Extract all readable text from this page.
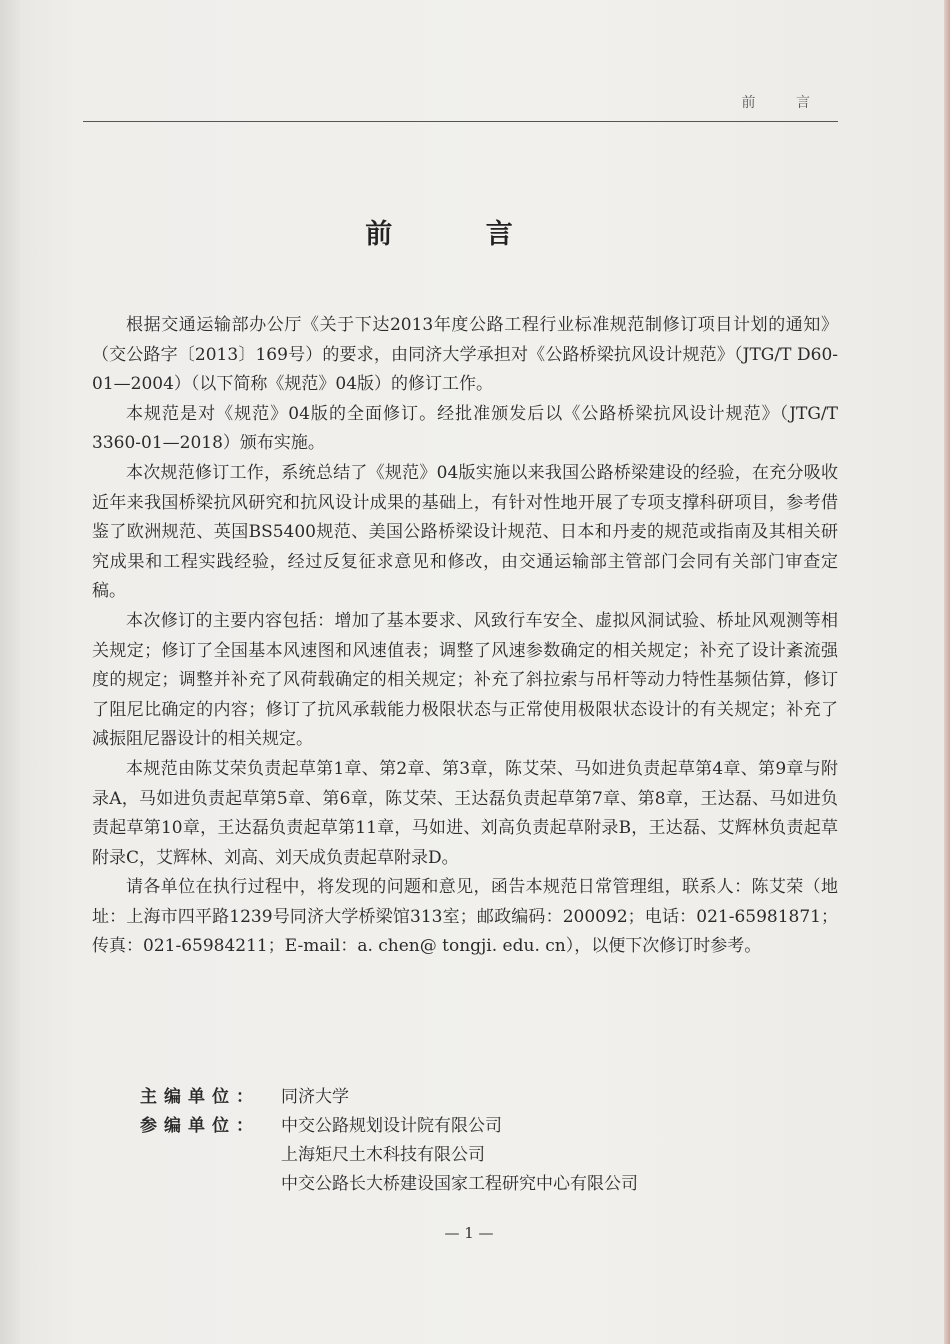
前 言
前 言

根据交通运输部办公厅《关于下达2013年度公路工程行业标准规范制修订项目计划的通知》（交公路字〔2013〕169号）的要求，由同济大学承担对《公路桥梁抗风设计规范》（JTG/T D60-01—2004）（以下简称《规范》04版）的修订工作。

本规范是对《规范》04版的全面修订。经批准颁发后以《公路桥梁抗风设计规范》（JTG/T 3360-01—2018）颁布实施。

本次规范修订工作，系统总结了《规范》04版实施以来我国公路桥梁建设的经验，在充分吸收近年来我国桥梁抗风研究和抗风设计成果的基础上，有针对性地开展了专项支撑科研项目，参考借鉴了欧洲规范、英国BS5400规范、美国公路桥梁设计规范、日本和丹麦的规范或指南及其相关研究成果和工程实践经验，经过反复征求意见和修改，由交通运输部主管部门会同有关部门审查定稿。

本次修订的主要内容包括：增加了基本要求、风致行车安全、虚拟风洞试验、桥址风观测等相关规定；修订了全国基本风速图和风速值表；调整了风速参数确定的相关规定；补充了设计紊流强度的规定；调整并补充了风荷载确定的相关规定；补充了斜拉索与吊杆等动力特性基频估算，修订了阻尼比确定的内容；修订了抗风承载能力极限状态与正常使用极限状态设计的有关规定；补充了减振阻尼器设计的相关规定。

本规范由陈艾荣负责起草第1章、第2章、第3章，陈艾荣、马如进负责起草第4章、第9章与附录A，马如进负责起草第5章、第6章，陈艾荣、王达磊负责起草第7章、第8章，王达磊、马如进负责起草第10章，王达磊负责起草第11章，马如进、刘高负责起草附录B，王达磊、艾辉林负责起草附录C，艾辉林、刘高、刘天成负责起草附录D。

请各单位在执行过程中，将发现的问题和意见，函告本规范日常管理组，联系人：陈艾荣（地址：上海市四平路1239号同济大学桥梁馆313室；邮政编码：200092；电话：021-65981871；传真：021-65984211；E-mail：a. chen@ tongji. edu. cn），以便下次修订时参考。

主编单位：	同济大学
参编单位：	中交公路规划设计院有限公司
上海矩尺土木科技有限公司
中交公路长大桥建设国家工程研究中心有限公司
— 1 —
